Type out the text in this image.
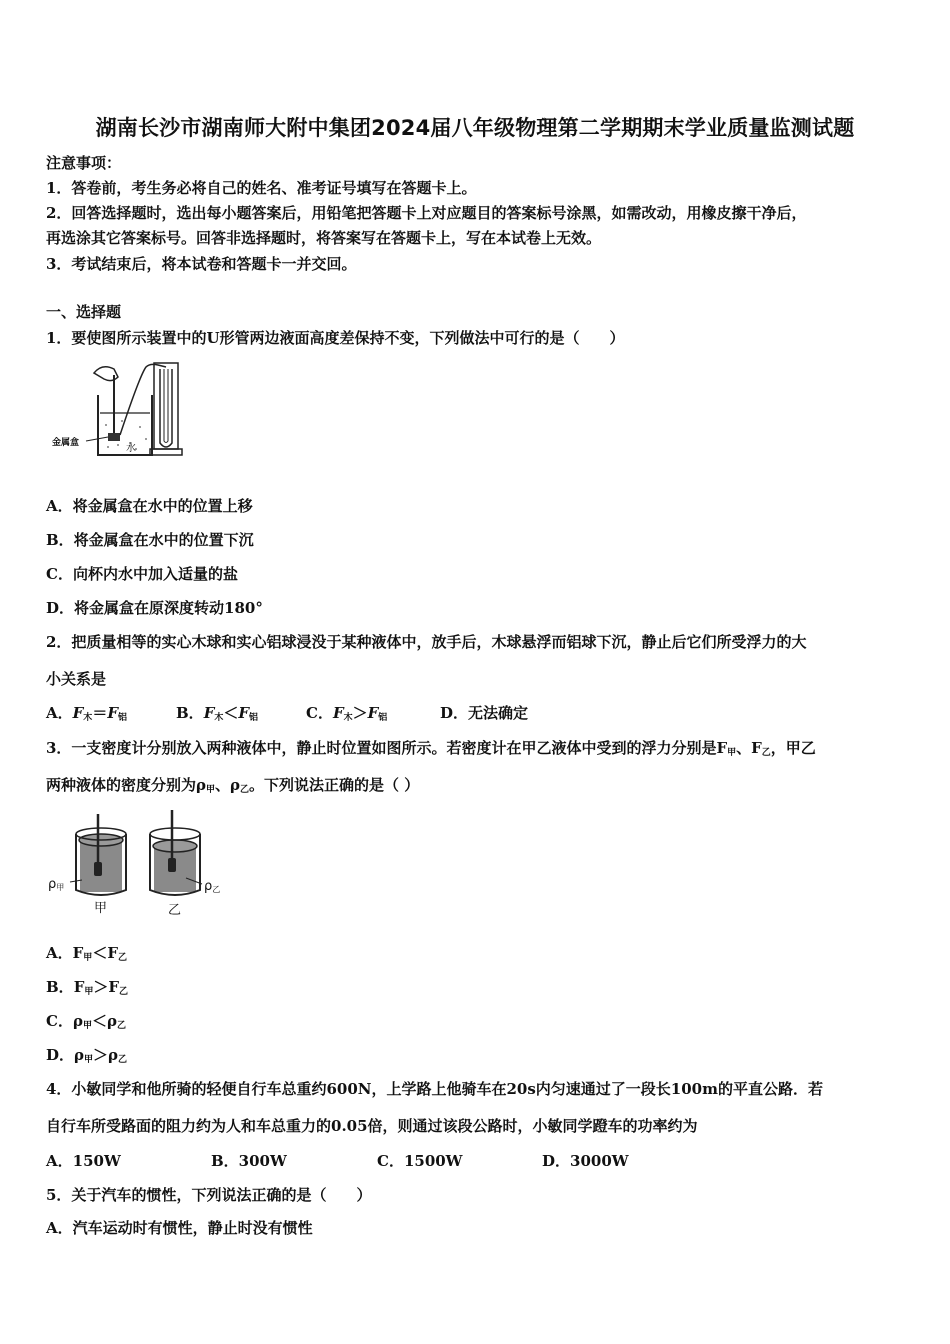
湖南长沙市湖南师大附中集团2024届八年级物理第二学期期末学业质量监测试题
注意事项：
1．答卷前，考生务必将自己的姓名、准考证号填写在答题卡上。
2．回答选择题时，选出每小题答案后，用铅笔把答题卡上对应题目的答案标号涂黑，如需改动，用橡皮擦干净后，
再选涂其它答案标号。回答非选择题时，将答案写在答题卡上，写在本试卷上无效。
3．考试结束后，将本试卷和答题卡一并交回。
一、选择题
1．要使图所示装置中的U形管两边液面高度差保持不变，下列做法中可行的是（　　）
金属盒	水
A．将金属盒在水中的位置上移
B．将金属盒在水中的位置下沉
C．向杯内水中加入适量的盐
D．将金属盒在原深度转动180°
2．把质量相等的实心木球和实心铝球浸没于某种液体中，放手后，木球悬浮而铝球下沉，静止后它们所受浮力的大
小关系是
A．$F_木=F_铝$	B．$F_木<F_铝$	C．$F_木>F_铝$	D．无法确定
3．一支密度计分别放入两种液体中，静止时位置如图所示。若密度计在甲乙液体中受到的浮力分别是$F_甲$、$F_乙$，甲乙
两种液体的密度分别为$\rho_甲$、$\rho_乙$。下列说法正确的是（ ）
ρ甲
甲
ρ乙
乙
A．$F_甲<F_乙$
B．$F_甲>F_乙$
C．$\rho_甲<\rho_乙$
D．$\rho_甲>\rho_乙$
4．小敏同学和他所骑的轻便自行车总重约600N，上学路上他骑车在20s内匀速通过了一段长100m的平直公路．若
自行车所受路面的阻力约为人和车总重力的0.05倍，则通过该段公路时，小敏同学蹬车的功率约为
A．150W	B．300W	C．1500W	D．3000W
5．关于汽车的惯性，下列说法正确的是（　　）
A．汽车运动时有惯性，静止时没有惯性
